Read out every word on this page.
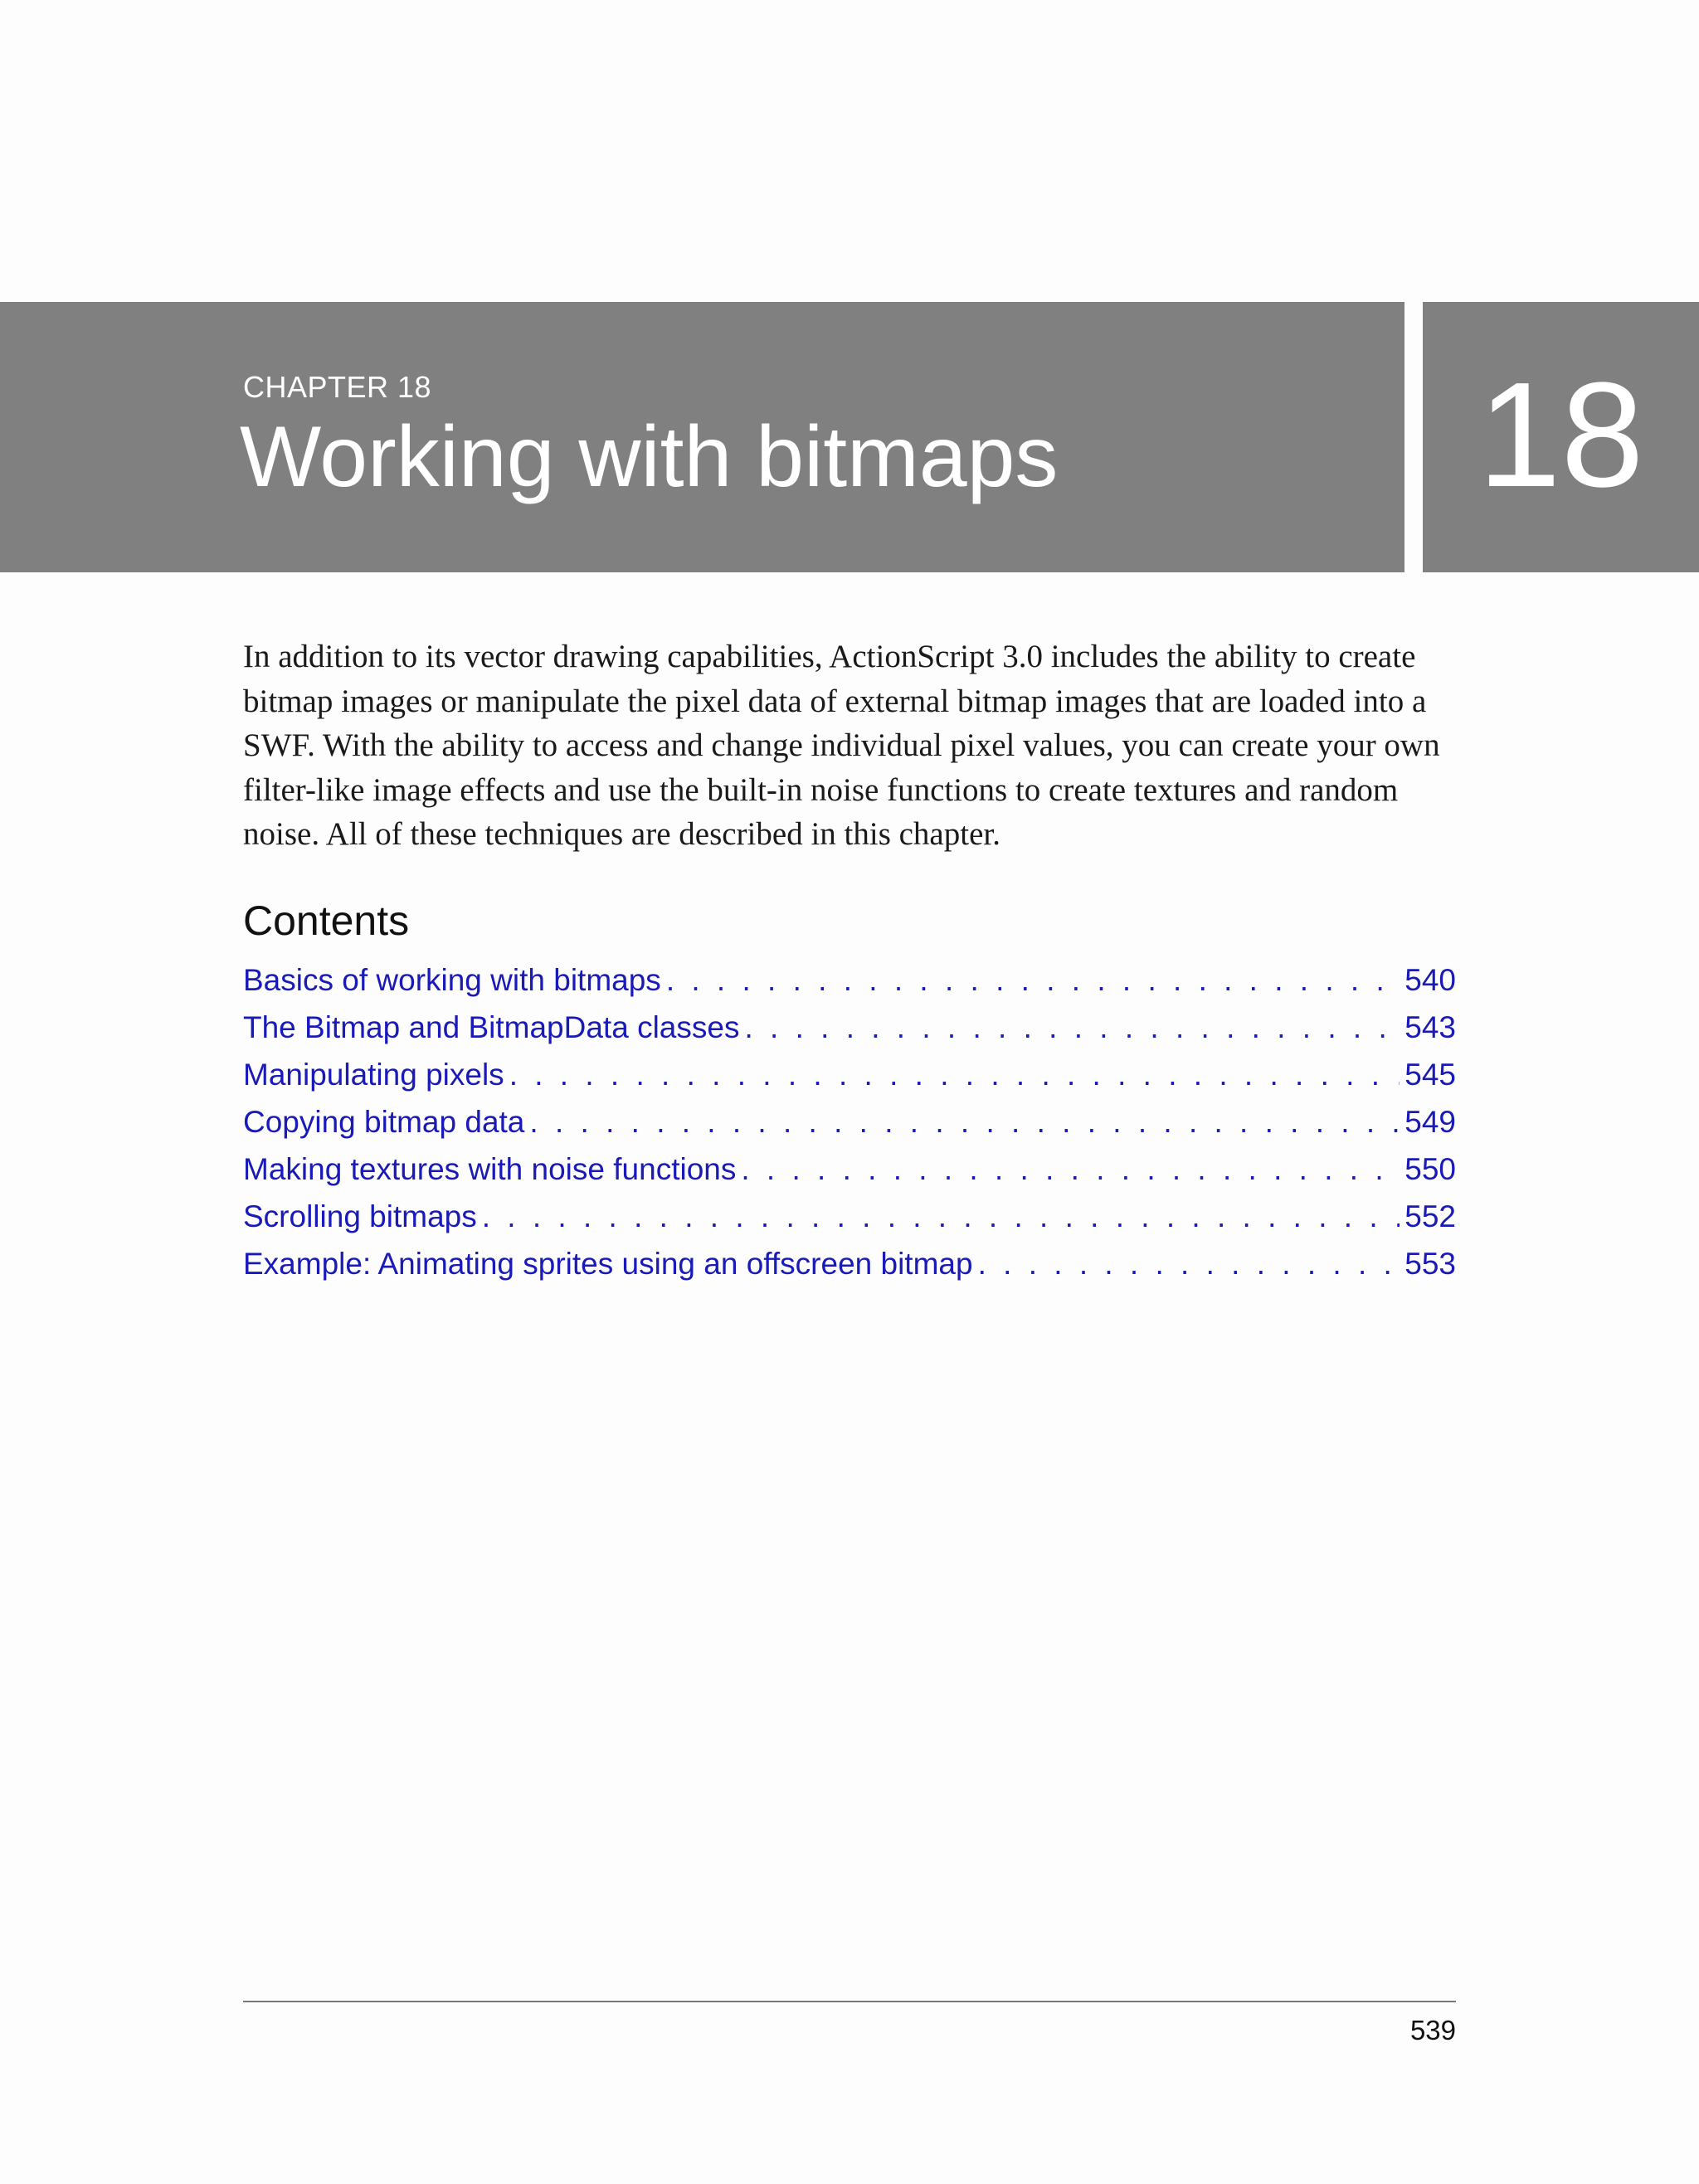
CHAPTER 18
Working with bitmaps	18

In addition to its vector drawing capabilities, ActionScript 3.0 includes the ability to create bitmap images or manipulate the pixel data of external bitmap images that are loaded into a SWF. With the ability to access and change individual pixel values, you can create your own filter-like image effects and use the built-in noise functions to create textures and random noise. All of these techniques are described in this chapter.

Contents
Basics of working with bitmaps . . .	540
The Bitmap and BitmapData classes . . .	543
Manipulating pixels . . .	545
Copying bitmap data . . .	549
Making textures with noise functions . . .	550
Scrolling bitmaps . . .	552
Example: Animating sprites using an offscreen bitmap . . .	553
539
